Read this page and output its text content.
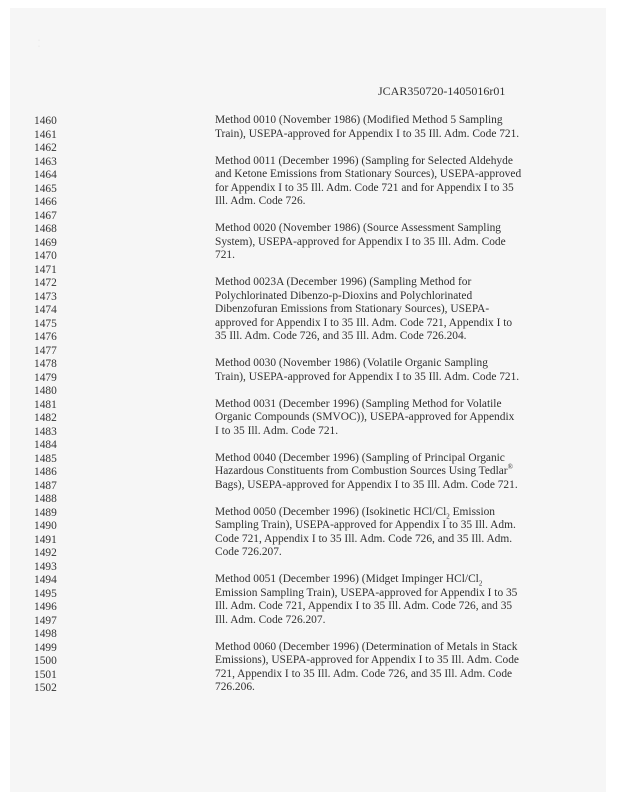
· ·
JCAR350720-1405016r01
1460
1461
1462
1463
1464
1465
1466
1467
1468
1469
1470
1471
1472
1473
1474
1475
1476
1477
1478
1479
1480
1481
1482
1483
1484
1485
1486
1487
1488
1489
1490
1491
1492
1493
1494
1495
1496
1497
1498
1499
1500
1501
1502
Method 0010 (November 1986) (Modified Method 5 Sampling
Train), USEPA-approved for Appendix I to 35 Ill. Adm. Code 721.
Method 0011 (December 1996) (Sampling for Selected Aldehyde
and Ketone Emissions from Stationary Sources), USEPA-approved
for Appendix I to 35 Ill. Adm. Code 721 and for Appendix I to 35
Ill. Adm. Code 726.
Method 0020 (November 1986) (Source Assessment Sampling
System), USEPA-approved for Appendix I to 35 Ill. Adm. Code
721.
Method 0023A (December 1996) (Sampling Method for
Polychlorinated Dibenzo-p-Dioxins and Polychlorinated
Dibenzofuran Emissions from Stationary Sources), USEPA-
approved for Appendix I to 35 Ill. Adm. Code 721, Appendix I to
35 Ill. Adm. Code 726, and 35 Ill. Adm. Code 726.204.
Method 0030 (November 1986) (Volatile Organic Sampling
Train), USEPA-approved for Appendix I to 35 Ill. Adm. Code 721.
Method 0031 (December 1996) (Sampling Method for Volatile
Organic Compounds (SMVOC)), USEPA-approved for Appendix
I to 35 Ill. Adm. Code 721.
Method 0040 (December 1996) (Sampling of Principal Organic
Hazardous Constituents from Combustion Sources Using Tedlar®
Bags), USEPA-approved for Appendix I to 35 Ill. Adm. Code 721.
Method 0050 (December 1996) (Isokinetic HCl/$Cl_2$ Emission
Sampling Train), USEPA-approved for Appendix I to 35 Ill. Adm.
Code 721, Appendix I to 35 Ill. Adm. Code 726, and 35 Ill. Adm.
Code 726.207.
Method 0051 (December 1996) (Midget Impinger HCl/$Cl_2$
Emission Sampling Train), USEPA-approved for Appendix I to 35
Ill. Adm. Code 721, Appendix I to 35 Ill. Adm. Code 726, and 35
Ill. Adm. Code 726.207.
Method 0060 (December 1996) (Determination of Metals in Stack
Emissions), USEPA-approved for Appendix I to 35 Ill. Adm. Code
721, Appendix I to 35 Ill. Adm. Code 726, and 35 Ill. Adm. Code
726.206.
